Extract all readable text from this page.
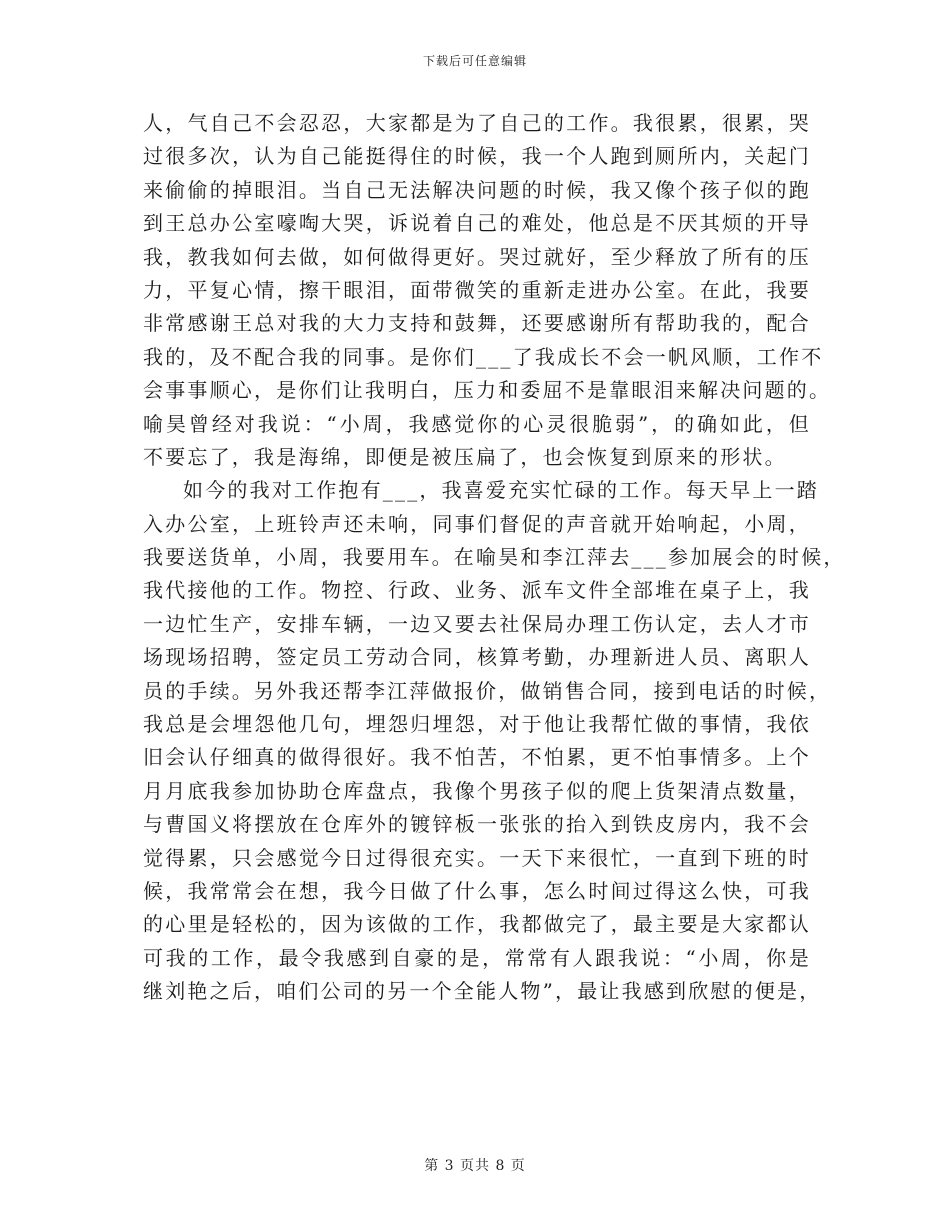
下载后可任意编辑
人，气自己不会忍忍，大家都是为了自己的工作。我很累，很累，哭
过很多次，认为自己能挺得住的时候，我一个人跑到厕所内，关起门
来偷偷的掉眼泪。当自己无法解决问题的时候，我又像个孩子似的跑
到王总办公室嚎啕大哭，诉说着自己的难处，他总是不厌其烦的开导
我，教我如何去做，如何做得更好。哭过就好，至少释放了所有的压
力，平复心情，擦干眼泪，面带微笑的重新走进办公室。在此，我要
非常感谢王总对我的大力支持和鼓舞，还要感谢所有帮助我的，配合
我的，及不配合我的同事。是你们___了我成长不会一帆风顺，工作不
会事事顺心，是你们让我明白，压力和委屈不是靠眼泪来解决问题的。
喻昊曾经对我说：“小周，我感觉你的心灵很脆弱”，的确如此，但
不要忘了，我是海绵，即便是被压扁了，也会恢复到原来的形状。
如今的我对工作抱有___，我喜爱充实忙碌的工作。每天早上一踏
入办公室，上班铃声还未响，同事们督促的声音就开始响起，小周，
我要送货单，小周，我要用车。在喻昊和李江萍去___参加展会的时候，
我代接他的工作。物控、行政、业务、派车文件全部堆在桌子上，我
一边忙生产，安排车辆，一边又要去社保局办理工伤认定，去人才市
场现场招聘，签定员工劳动合同，核算考勤，办理新进人员、离职人
员的手续。另外我还帮李江萍做报价，做销售合同，接到电话的时候，
我总是会埋怨他几句，埋怨归埋怨，对于他让我帮忙做的事情，我依
旧会认仔细真的做得很好。我不怕苦，不怕累，更不怕事情多。上个
月月底我参加协助仓库盘点，我像个男孩子似的爬上货架清点数量，
与曹国义将摆放在仓库外的镀锌板一张张的抬入到铁皮房内，我不会
觉得累，只会感觉今日过得很充实。一天下来很忙，一直到下班的时
候，我常常会在想，我今日做了什么事，怎么时间过得这么快，可我
的心里是轻松的，因为该做的工作，我都做完了，最主要是大家都认
可我的工作，最令我感到自豪的是，常常有人跟我说：“小周，你是
继刘艳之后，咱们公司的另一个全能人物”，最让我感到欣慰的便是，
第 3 页共 8 页
